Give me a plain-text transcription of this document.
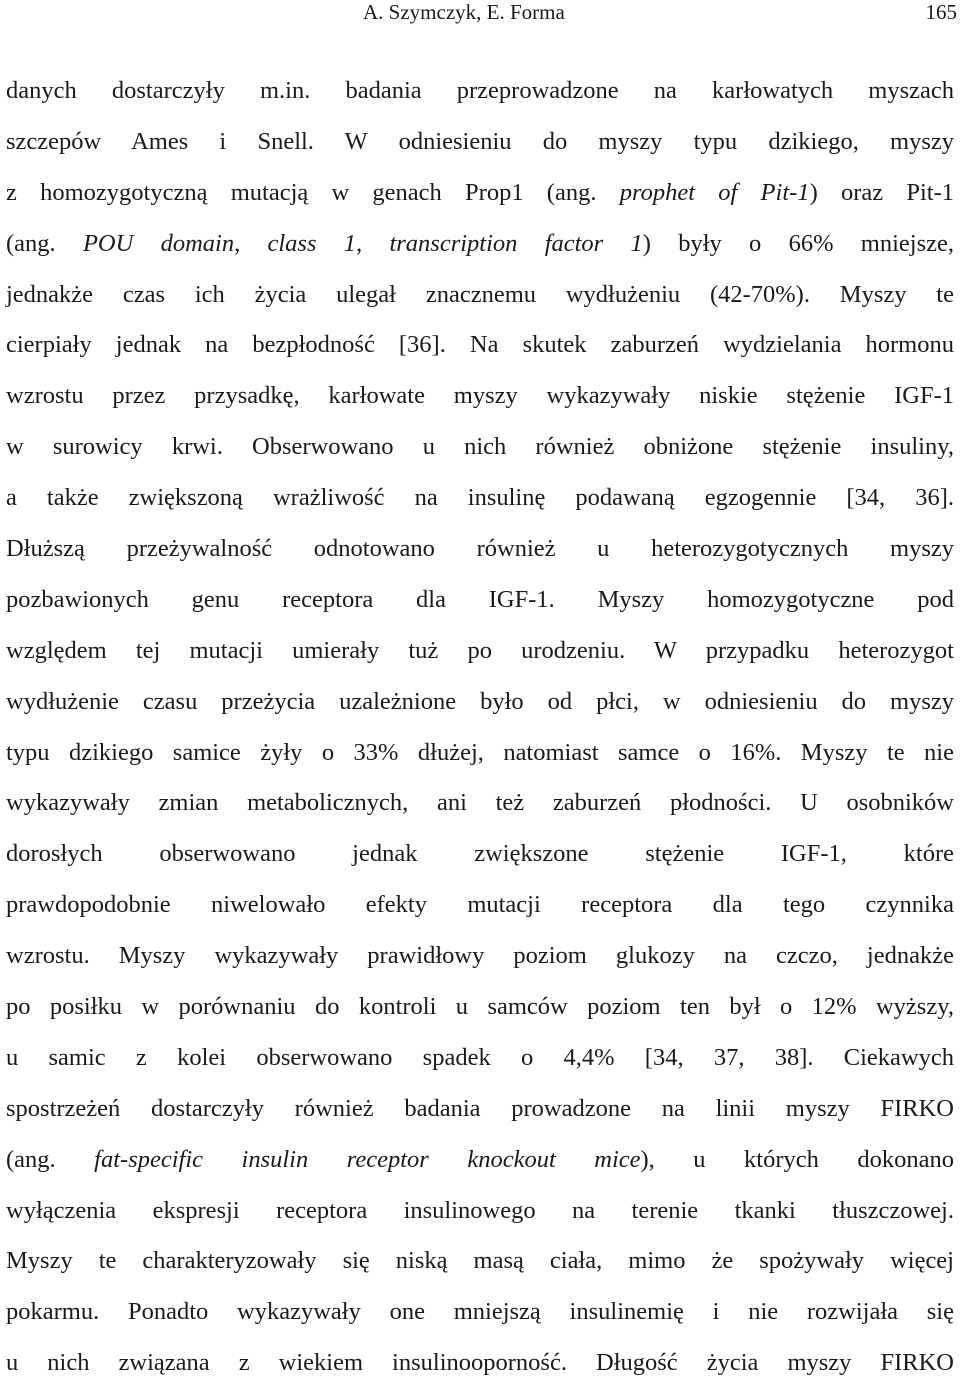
A. Szymczyk, E. Forma	165
danych dostarczyły m.in. badania przeprowadzone na karłowatych myszach
szczepów Ames i Snell. W odniesieniu do myszy typu dzikiego, myszy
z homozygotyczną mutacją w genach Prop1 (ang. prophet of Pit-1) oraz Pit-1
(ang. POU domain, class 1, transcription factor 1) były o 66% mniejsze,
jednakże czas ich życia ulegał znacznemu wydłużeniu (42-70%). Myszy te
cierpiały jednak na bezpłodność [36]. Na skutek zaburzeń wydzielania hormonu
wzrostu przez przysadkę, karłowate myszy wykazywały niskie stężenie IGF-1
w surowicy krwi. Obserwowano u nich również obniżone stężenie insuliny,
a także zwiększoną wrażliwość na insulinę podawaną egzogennie [34, 36].
Dłuższą przeżywalność odnotowano również u heterozygotycznych myszy
pozbawionych genu receptora dla IGF-1. Myszy homozygotyczne pod
względem tej mutacji umierały tuż po urodzeniu. W przypadku heterozygot
wydłużenie czasu przeżycia uzależnione było od płci, w odniesieniu do myszy
typu dzikiego samice żyły o 33% dłużej, natomiast samce o 16%. Myszy te nie
wykazywały zmian metabolicznych, ani też zaburzeń płodności. U osobników
dorosłych obserwowano jednak zwiększone stężenie IGF-1, które
prawdopodobnie niwelowało efekty mutacji receptora dla tego czynnika
wzrostu. Myszy wykazywały prawidłowy poziom glukozy na czczo, jednakże
po posiłku w porównaniu do kontroli u samców poziom ten był o 12% wyższy,
u samic z kolei obserwowano spadek o 4,4% [34, 37, 38]. Ciekawych
spostrzeżeń dostarczyły również badania prowadzone na linii myszy FIRKO
(ang. fat-specific insulin receptor knockout mice), u których dokonano
wyłączenia ekspresji receptora insulinowego na terenie tkanki tłuszczowej.
Myszy te charakteryzowały się niską masą ciała, mimo że spożywały więcej
pokarmu. Ponadto wykazywały one mniejszą insulinemię i nie rozwijała się
u nich związana z wiekiem insulinooporność. Długość życia myszy FIRKO
